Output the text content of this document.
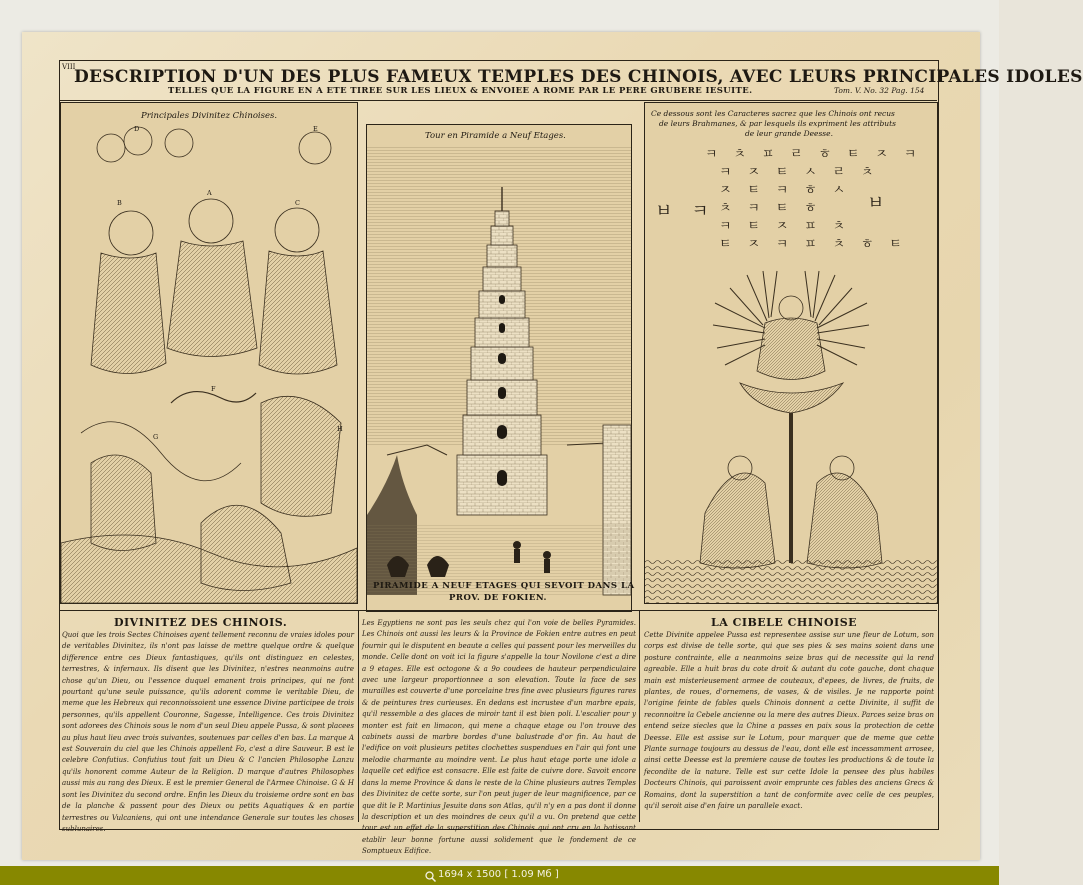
VIII
DESCRIPTION D'UN DES PLUS FAMEUX TEMPLES DES CHINOIS, AVEC LEURS PRINCIPALES IDOLES
TELLES QUE LA FIGURE EN A ETE TIREE SUR LES LIEUX & ENVOIEE A ROME PAR LE PERE GRUBERE IESUITE.	Tom. V. No. 32 Pag. 154
Principales Divinitez Chinoises.
D	E
A
B	C
F
G
H
Tour en Piramide a Neuf Etages.
PIRAMIDE A NEUF ETAGES QUI SEVOIT DANS LA
PROV. DE FOKIEN.
Ce dessous sont les Caracteres sacrez que les Chinois ont recus
de leurs Brahmanes, & par lesquels ils expriment les attributs
de leur grande Deesse.
ㅋ ㅊ ㅍ ㄹ ㅎ ㅌ ㅈ ㅋ
ㅋ ㅈ ㅌ ㅅ ㄹ ㅊ
ㅈ ㅌ ㅋ ㅎ ㅅ
ㅊ ㅋ ㅌ ㅎ
ㅋ ㅌ ㅈ ㅍ ㅊ
ㅌ ㅈ ㅋ ㅍ ㅊ ㅎ ㅌ
ㅂ ㅋ	ㅂ
DIVINITEZ DES CHINOIS.	LA CIBELE CHINOISE
Quoi que les trois Sectes Chinoises ayent tellement reconnu de vraies idoles pour de veritables Divinitez, ils n'ont pas laisse de mettre quelque ordre & quelque difference entre ces Dieux fantastiques, qu'ils ont distinguez en celestes, terrestres, & infernaux. Ils disent que les Divinitez, n'estres neanmoins autre chose qu'un Dieu, ou l'essence duquel emanent trois principes, qui ne font pourtant qu'une seule puissance, qu'ils adorent comme le veritable Dieu, de meme que les Hebreux qui reconnoissoient une essence Divine participee de trois personnes, qu'ils appellent Couronne, Sagesse, Intelligence. Ces trois Divinitez sont adorees des Chinois sous le nom d'un seul Dieu appele Pussa, & sont placees au plus haut lieu avec trois suivantes, soutenues par celles d'en bas. La marque A est Souverain du ciel que les Chinois appellent Fo, c'est a dire Sauveur. B est le celebre Confutius. Confutius tout fait un Dieu & C l'ancien Philosophe Lanzu qu'ils honorent comme Auteur de la Religion. D marque d'autres Philosophes aussi mis au rang des Dieux. E est le premier General de l'Armee Chinoise. G & H sont les Divinitez du second ordre. Enfin les Dieux du troisieme ordre sont en bas de la planche & passent pour des Dieux ou petits Aquatiques & en partie terrestres ou Vulcaniens, qui ont une intendance Generale sur toutes les choses sublunaires.
Les Egyptiens ne sont pas les seuls chez qui l'on voie de belles Pyramides. Les Chinois ont aussi les leurs & la Province de Fokien entre autres en peut fournir qui le disputent en beaute a celles qui passent pour les merveilles du monde. Celle dont on voit ici la figure s'appelle la tour Novilone c'est a dire a 9 etages. Elle est octogone & a 9o coudees de hauteur perpendiculaire avec une largeur proportionnee a son elevation. Toute la face de ses murailles est couverte d'une porcelaine tres fine avec plusieurs figures rares & de peintures tres curieuses. En dedans est incrustee d'un marbre epais, qu'il ressemble a des glaces de miroir tant il est bien poli. L'escalier pour y monter est fait en limacon, qui mene a chaque etage ou l'on trouve des cabinets aussi de marbre bordes d'une balustrade d'or fin. Au haut de l'edifice on voit plusieurs petites clochettes suspendues en l'air qui font une melodie charmante au moindre vent. Le plus haut etage porte une idole a laquelle cet edifice est consacre. Elle est faite de cuivre dore. Savoit encore dans la meme Province & dans le reste de la Chine plusieurs autres Temples des Divinitez de cette sorte, sur l'on peut juger de leur magnificence, par ce que dit le P. Martinius Jesuite dans son Atlas, qu'il n'y en a pas dont il donne la description et un des moindres de ceux qu'il a vu. On pretend que cette tour est un effet de la superstition des Chinois qui ont cru en la batissant etablir leur bonne fortune aussi solidement que le fondement de ce Somptueux Edifice.
Cette Divinite appelee Pussa est representee assise sur une fleur de Lotum, son corps est divise de telle sorte, qui que ses pies & ses mains soient dans une posture contrainte, elle a neanmoins seize bras qui de necessite qui la rend agreable. Elle a huit bras du cote droit & autant du cote gauche, dont chaque main est misterieusement armee de couteaux, d'epees, de livres, de fruits, de plantes, de roues, d'ornemens, de vases, & de visiles. Je ne rapporte point l'origine feinte de fables quels Chinois donnent a cette Divinite, il suffit de reconnoitre la Cebele ancienne ou la mere des autres Dieux. Parces seize bras on entend seize siecles que la Chine a passes en paix sous la protection de cette Deesse. Elle est assise sur le Lotum, pour marquer que de meme que cette Plante surnage toujours au dessus de l'eau, dont elle est incessamment arrosee, ainsi cette Deesse est la premiere cause de toutes les productions & de toute la fecondite de la nature. Telle est sur cette Idole la pensee des plus habiles Docteurs Chinois, qui paroissent avoir emprunte ces fables des anciens Grecs & Romains, dont la superstition a tant de conformite avec celle de ces peuples, qu'il seroit aise d'en faire un parallele exact.
1694 x 1500 [ 1.09 Mб ]
